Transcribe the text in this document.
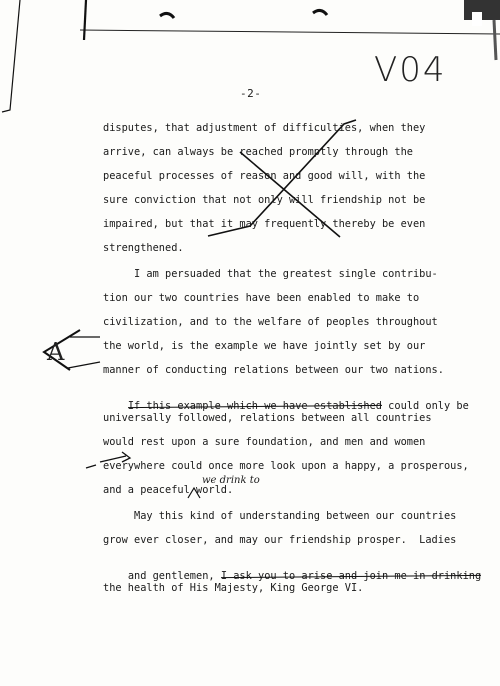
V04
-2-
A
disputes, that adjustment of difficulties, when they
arrive, can always be reached promptly through the
peaceful processes of reason and good will, with the
sure conviction that not only will friendship not be
impaired, but that it may frequently thereby be even
strengthened.
I am persuaded that the greatest single contribu-
tion our two countries have been enabled to make to
civilization, and to the welfare of peoples throughout
the world, is the example we have jointly set by our
manner of conducting relations between our two nations.

If this example which we have established could only be

universally followed, relations between all countries
would rest upon a sure foundation, and men and women
everywhere could once more look upon a happy, a prosperous,
and a peaceful world.
May this kind of understanding between our countries
grow ever closer, and may our friendship prosper.  Ladies
we drink to

and gentlemen, I ask you to arise and join me in drinking

the health of His Majesty, King George VI.
